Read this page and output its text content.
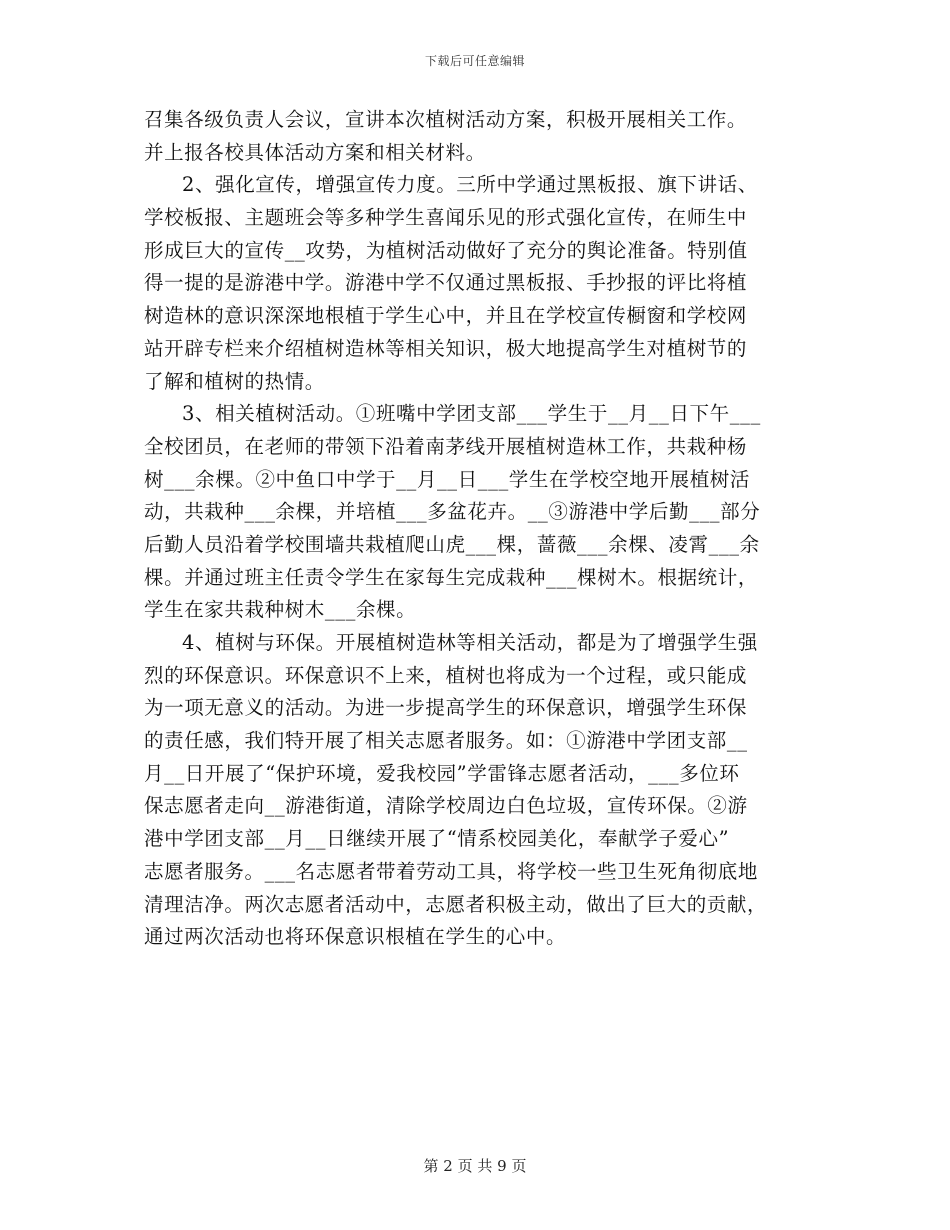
下载后可任意编辑
召集各级负责人会议，宣讲本次植树活动方案，积极开展相关工作。
并上报各校具体活动方案和相关材料。
2、强化宣传，增强宣传力度。三所中学通过黑板报、旗下讲话、
学校板报、主题班会等多种学生喜闻乐见的形式强化宣传，在师生中
形成巨大的宣传__攻势，为植树活动做好了充分的舆论准备。特别值
得一提的是游港中学。游港中学不仅通过黑板报、手抄报的评比将植
树造林的意识深深地根植于学生心中，并且在学校宣传橱窗和学校网
站开辟专栏来介绍植树造林等相关知识，极大地提高学生对植树节的
了解和植树的热情。
3、相关植树活动。①班嘴中学团支部___学生于__月__日下午___
全校团员，在老师的带领下沿着南茅线开展植树造林工作，共栽种杨
树___余棵。②中鱼口中学于__月__日___学生在学校空地开展植树活
动，共栽种___余棵，并培植___多盆花卉。__③游港中学后勤___部分
后勤人员沿着学校围墙共栽植爬山虎___棵，蔷薇___余棵、凌霄___余
棵。并通过班主任责令学生在家每生完成栽种___棵树木。根据统计，
学生在家共栽种树木___余棵。
4、植树与环保。开展植树造林等相关活动，都是为了增强学生强
烈的环保意识。环保意识不上来，植树也将成为一个过程，或只能成
为一项无意义的活动。为进一步提高学生的环保意识，增强学生环保
的责任感，我们特开展了相关志愿者服务。如：①游港中学团支部__
月__日开展了“保护环境，爱我校园”学雷锋志愿者活动，___多位环
保志愿者走向__游港街道，清除学校周边白色垃圾，宣传环保。②游
港中学团支部__月__日继续开展了“情系校园美化，奉献学子爱心”
志愿者服务。___名志愿者带着劳动工具，将学校一些卫生死角彻底地
清理洁净。两次志愿者活动中，志愿者积极主动，做出了巨大的贡献，
通过两次活动也将环保意识根植在学生的心中。
第 2 页 共 9 页
